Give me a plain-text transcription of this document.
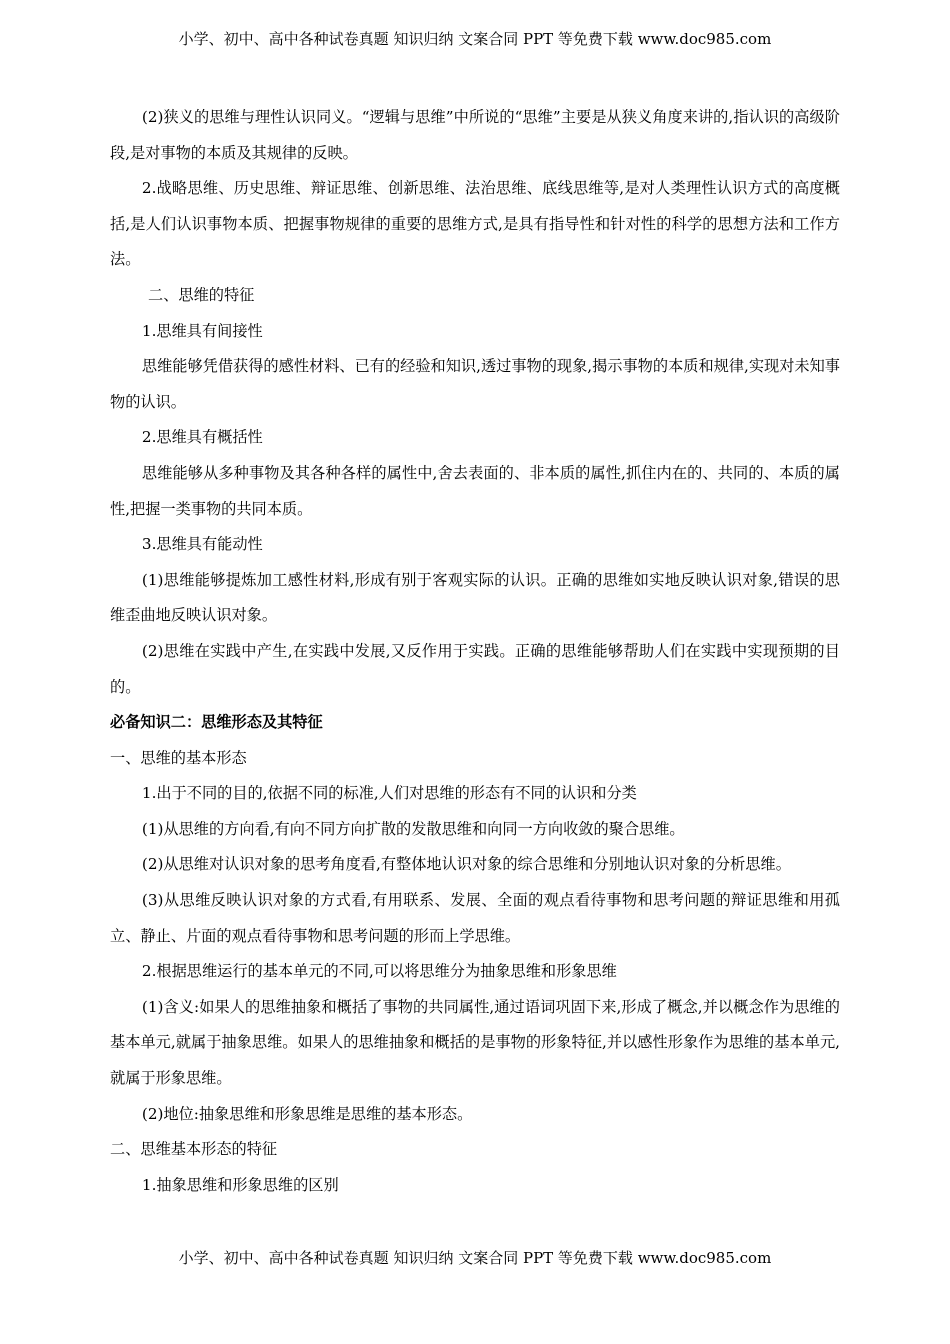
小学、初中、高中各种试卷真题 知识归纳 文案合同 PPT 等免费下载 www.doc985.com

(2)狭义的思维与理性认识同义。“逻辑与思维”中所说的“思维”主要是从狭义角度来讲的,指认识的高级阶段,是对事物的本质及其规律的反映。

2.战略思维、历史思维、辩证思维、创新思维、法治思维、底线思维等,是对人类理性认识方式的高度概括,是人们认识事物本质、把握事物规律的重要的思维方式,是具有指导性和针对性的科学的思想方法和工作方法。

二、思维的特征

1.思维具有间接性

思维能够凭借获得的感性材料、已有的经验和知识,透过事物的现象,揭示事物的本质和规律,实现对未知事物的认识。

2.思维具有概括性

思维能够从多种事物及其各种各样的属性中,舍去表面的、非本质的属性,抓住内在的、共同的、本质的属性,把握一类事物的共同本质。

3.思维具有能动性

(1)思维能够提炼加工感性材料,形成有别于客观实际的认识。正确的思维如实地反映认识对象,错误的思维歪曲地反映认识对象。

(2)思维在实践中产生,在实践中发展,又反作用于实践。正确的思维能够帮助人们在实践中实现预期的目的。

必备知识二：思维形态及其特征

一、思维的基本形态

1.出于不同的目的,依据不同的标准,人们对思维的形态有不同的认识和分类

(1)从思维的方向看,有向不同方向扩散的发散思维和向同一方向收敛的聚合思维。

(2)从思维对认识对象的思考角度看,有整体地认识对象的综合思维和分别地认识对象的分析思维。

(3)从思维反映认识对象的方式看,有用联系、发展、全面的观点看待事物和思考问题的辩证思维和用孤立、静止、片面的观点看待事物和思考问题的形而上学思维。

2.根据思维运行的基本单元的不同,可以将思维分为抽象思维和形象思维

(1)含义:如果人的思维抽象和概括了事物的共同属性,通过语词巩固下来,形成了概念,并以概念作为思维的基本单元,就属于抽象思维。如果人的思维抽象和概括的是事物的形象特征,并以感性形象作为思维的基本单元,就属于形象思维。

(2)地位:抽象思维和形象思维是思维的基本形态。

二、思维基本形态的特征

1.抽象思维和形象思维的区别

小学、初中、高中各种试卷真题 知识归纳 文案合同 PPT 等免费下载 www.doc985.com
